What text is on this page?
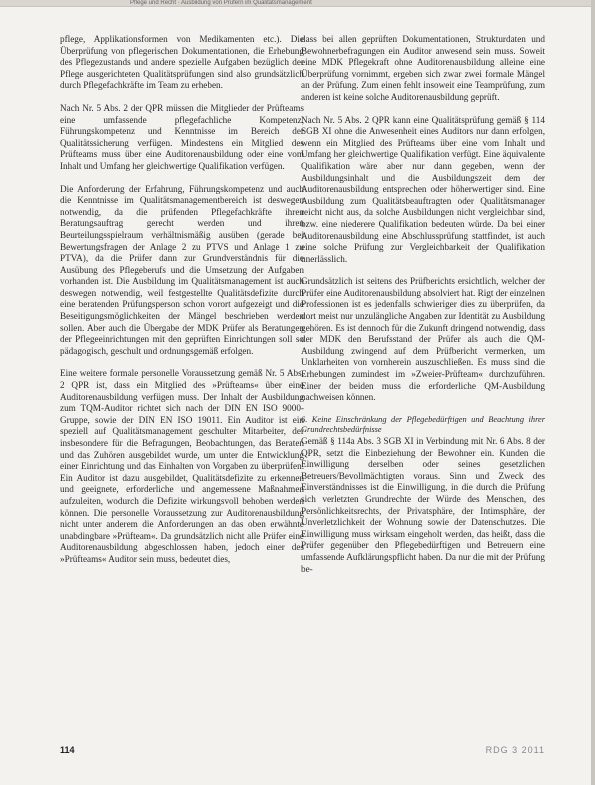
Pflege und Recht · Ausbildung von Prüfern im Qualitätsmanagement

pflege, Applikationsformen von Medikamenten etc.). Die Überprüfung von pflegerischen Dokumentationen, die Erhebung des Pflegezustands und andere spezielle Aufgaben bezüglich der Pflege ausgerichteten Qualitätsprüfungen sind also grundsätzlich durch Pflegefachkräfte im Team zu erheben.

Nach Nr. 5 Abs. 2 der QPR müssen die Mitglieder der Prüfteams eine umfassende pflegefachliche Kompetenz, Führungskompetenz und Kenntnisse im Bereich der Qualitätssicherung verfügen. Mindestens ein Mitglied des Prüfteams muss über eine Auditorenausbildung oder eine vom Inhalt und Umfang her gleichwertige Qualifikation verfügen.

Die Anforderung der Erfahrung, Führungskompetenz und auch die Kenntnisse im Qualitätsmanagementbereich ist deswegen notwendig, da die prüfenden Pflegefachkräfte ihren Beratungsauftrag gerecht werden und ihren Beurteilungsspielraum verhältnismäßig ausüben (gerade bei Bewertungsfragen der Anlage 2 zu PTVS und Anlage 1 zu PTVA), da die Prüfer dann zur Grundverständnis für die Ausübung des Pflegeberufs und die Umsetzung der Aufgaben vorhanden ist. Die Ausbildung im Qualitätsmanagement ist auch deswegen notwendig, weil festgestellte Qualitätsdefizite durch eine beratenden Prüfungsperson schon vorort aufgezeigt und die Beseitigungsmöglichkeiten der Mängel beschrieben werden sollen. Aber auch die Übergabe der MDK Prüfer als Beratungen der Pflegeeinrichtungen mit den geprüften Einrichtungen soll so pädagogisch, geschult und ordnungsgemäß erfolgen.

Eine weitere formale personelle Voraussetzung gemäß Nr. 5 Abs. 2 QPR ist, dass ein Mitglied des »Prüfteams« über eine Auditorenausbildung verfügen muss. Der Inhalt der Ausbildung zum TQM-Auditor richtet sich nach der DIN EN ISO 9000-Gruppe, sowie der DIN EN ISO 19011. Ein Auditor ist ein speziell auf Qualitätsmanagement geschulter Mitarbeiter, der insbesondere für die Befragungen, Beobachtungen, das Beraten und das Zuhören ausgebildet wurde, um unter die Entwicklung einer Einrichtung und das Einhalten von Vorgaben zu überprüfen. Ein Auditor ist dazu ausgebildet, Qualitätsdefizite zu erkennen und geeignete, erforderliche und angemessene Maßnahmen aufzuleiten, wodurch die Defizite wirkungsvoll behoben werden können. Die personelle Voraussetzung zur Auditorenausbildung nicht unter anderem die Anforderungen an das oben erwähnte unabdingbare »Prüfteam«. Da grundsätzlich nicht alle Prüfer eine Auditorenausbildung abgeschlossen haben, jedoch einer des »Prüfteams« Auditor sein muss, bedeutet dies,

dass bei allen geprüften Dokumentationen, Strukturdaten und Bewohnerbefragungen ein Auditor anwesend sein muss. Soweit eine MDK Pflegekraft ohne Auditorenausbildung alleine eine Überprüfung vornimmt, ergeben sich zwar zwei formale Mängel an der Prüfung. Zum einen fehlt insoweit eine Teamprüfung, zum anderen ist keine solche Auditorenausbildung geprüft.

Nach Nr. 5 Abs. 2 QPR kann eine Qualitätsprüfung gemäß § 114 SGB XI ohne die Anwesenheit eines Auditors nur dann erfolgen, wenn ein Mitglied des Prüfteams über eine vom Inhalt und Umfang her gleichwertige Qualifikation verfügt. Eine äquivalente Qualifikation wäre aber nur dann gegeben, wenn der Ausbildungsinhalt und die Ausbildungszeit dem der Auditorenausbildung entsprechen oder höherwertiger sind. Eine Ausbildung zum Qualitätsbeauftragten oder Qualitätsmanager reicht nicht aus, da solche Ausbildungen nicht vergleichbar sind, bzw. eine niederere Qualifikation bedeuten würde. Da bei einer Auditorenausbildung eine Abschlussprüfung stattfindet, ist auch eine solche Prüfung zur Vergleichbarkeit der Qualifikation unerlässlich.

Grundsätzlich ist seitens des Prüfberichts ersichtlich, welcher der Prüfer eine Auditorenausbildung absolviert hat. Rigt der einzelnen Professionen ist es jedenfalls schwieriger dies zu überprüfen, da dort meist nur unzulängliche Angaben zur Identität zu Ausbildung gehören. Es ist dennoch für die Zukunft dringend notwendig, dass der MDK den Berufsstand der Prüfer als auch die QM-Ausbildung zwingend auf dem Prüfbericht vermerken, um Unklarheiten von vornherein auszuschließen. Es muss sind die Erhebungen zumindest im »Zweier-Prüfteam« durchzuführen. Einer der beiden muss die erforderliche QM-Ausbildung nachweisen können.

6. Keine Einschränkung der Pflegebedürftigen und Beachtung ihrer Grundrechtsbedürfnisse

Gemäß § 114a Abs. 3 SGB XI in Verbindung mit Nr. 6 Abs. 8 der QPR, setzt die Einbeziehung der Bewohner ein. Kunden die Einwilligung derselben oder seines gesetzlichen Betreuers/Bevollmächtigten voraus. Sinn und Zweck des Einverständnisses ist die Einwilligung, in die durch die Prüfung sich verletzten Grundrechte der Würde des Menschen, des Persönlichkeitsrechts, der Privatsphäre, der Intimsphäre, der Unverletzlichkeit der Wohnung sowie der Datenschutzes. Die Einwilligung muss wirksam eingeholt werden, das heißt, dass die Prüfer gegenüber den Pflegebedürftigen und Betreuern eine umfassende Aufklärungspflicht haben. Da nur die mit der Prüfung be-

114	RDG 3 2011
